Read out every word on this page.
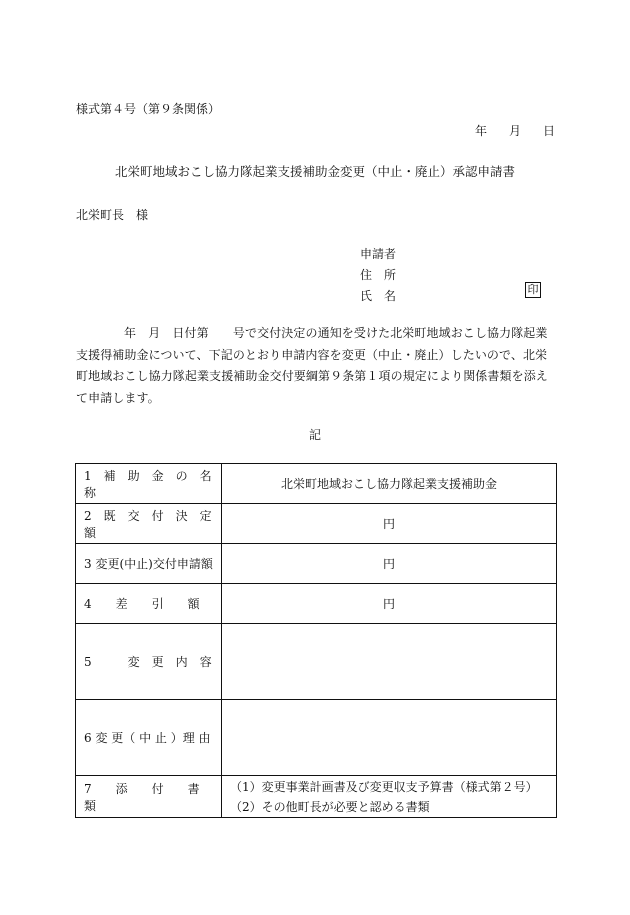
様式第４号（第９条関係）
年 月 日
北栄町地域おこし協力隊起業支援補助金変更（中止・廃止）承認申請書
北栄町長　様
申請者
住　所
氏　名	印
年　月　日付第　　号で交付決定の通知を受けた北栄町地域おこし協力隊起業支援得補助金について、下記のとおり申請内容を変更（中止・廃止）したいので、北栄町地域おこし協力隊起業支援補助金交付要綱第９条第１項の規定により関係書類を添えて申請します。
記
1　補　助　金　の　名　称	北栄町地域おこし協力隊起業支援補助金
2　既　交　付　決　定　額	円
3 変更(中止)交付申請額	円
4　　差　　引　　額	円
5　　　変　更　内　容	
6 変 更（ 中 止 ）理 由	
7　　添　　付　　書　　類	（1）変更事業計画書及び変更収支予算書（様式第２号）
（2）その他町長が必要と認める書類
